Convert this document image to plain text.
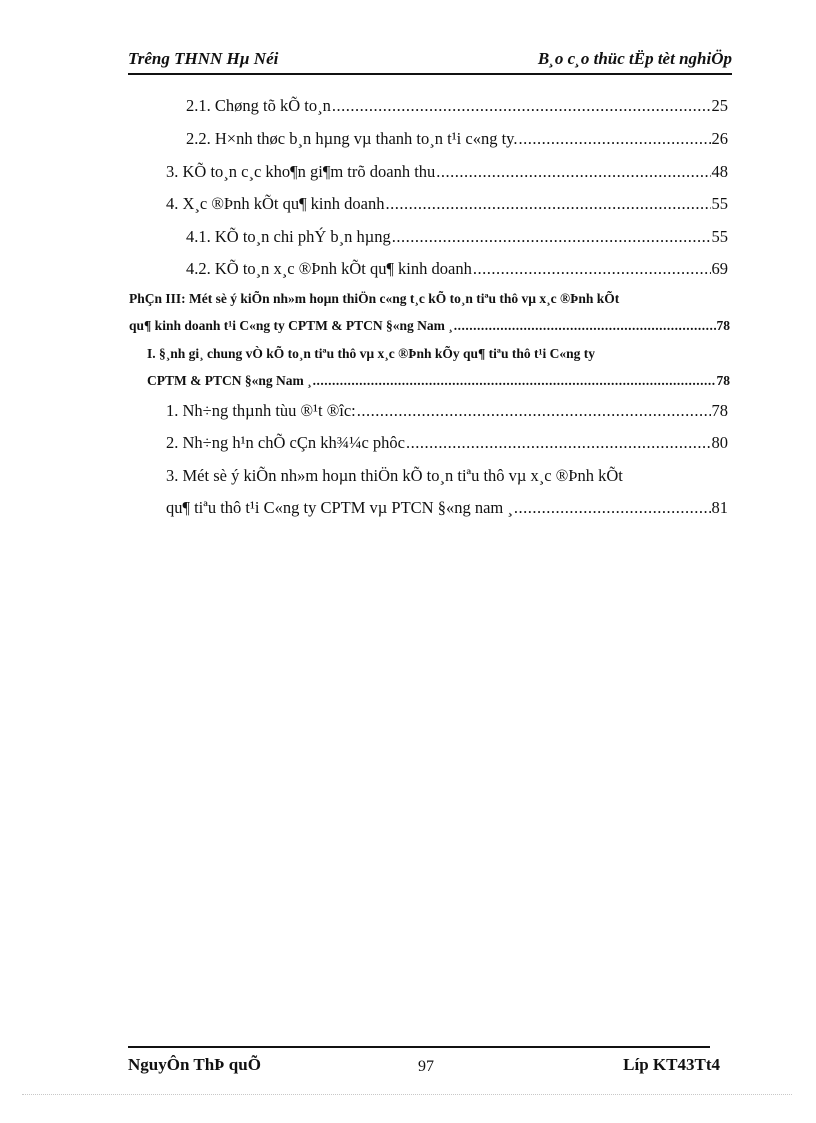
Trêng THNN Hµ Néi	B¸o c¸o thüc tËp tèt nghiÖp
2.1. Chøng tõ kÕ to¸n .....	25
2.2. H×nh thøc b¸n hµng vµ thanh to¸n t¹i c«ng ty. .....	26
3. KÕ to¸n c¸c kho¶n gi¶m trõ doanh thu .....	48
4. X¸c ®Þnh kÕt qu¶ kinh doanh .....	55
4.1. KÕ to¸n chi phÝ b¸n hµng .....	55
4.2. KÕ to¸n x¸c ®Þnh kÕt qu¶ kinh doanh .....	69
PhÇn III: Mét sè ý kiÕn nh»m hoµn thiÖn c«ng t¸c kÕ to¸n tiªu thô vµ x¸c ®Þnh kÕt
qu¶ kinh doanh t¹i C«ng ty CPTM & PTCN §«ng Nam ¸ .....	78
I. §¸nh gi¸ chung vÒ kÕ to¸n tiªu thô vµ x¸c ®Þnh kÕy qu¶ tiªu thô t¹i C«ng ty
CPTM & PTCN §«ng Nam ¸ .....	78
1. Nh÷ng thµnh tùu ®¹t ®îc: .....	78
2. Nh÷ng h¹n chÕ cÇn kh¾¼c phôc .....	80
3. Mét sè ý kiÕn nh»m hoµn thiÖn kÕ to¸n tiªu thô vµ x¸c ®Þnh kÕt
qu¶ tiªu thô t¹i C«ng ty CPTM vµ PTCN §«ng nam ¸ .....	81
NguyÔn ThÞ quÕ	97	Líp KT43Tt4
